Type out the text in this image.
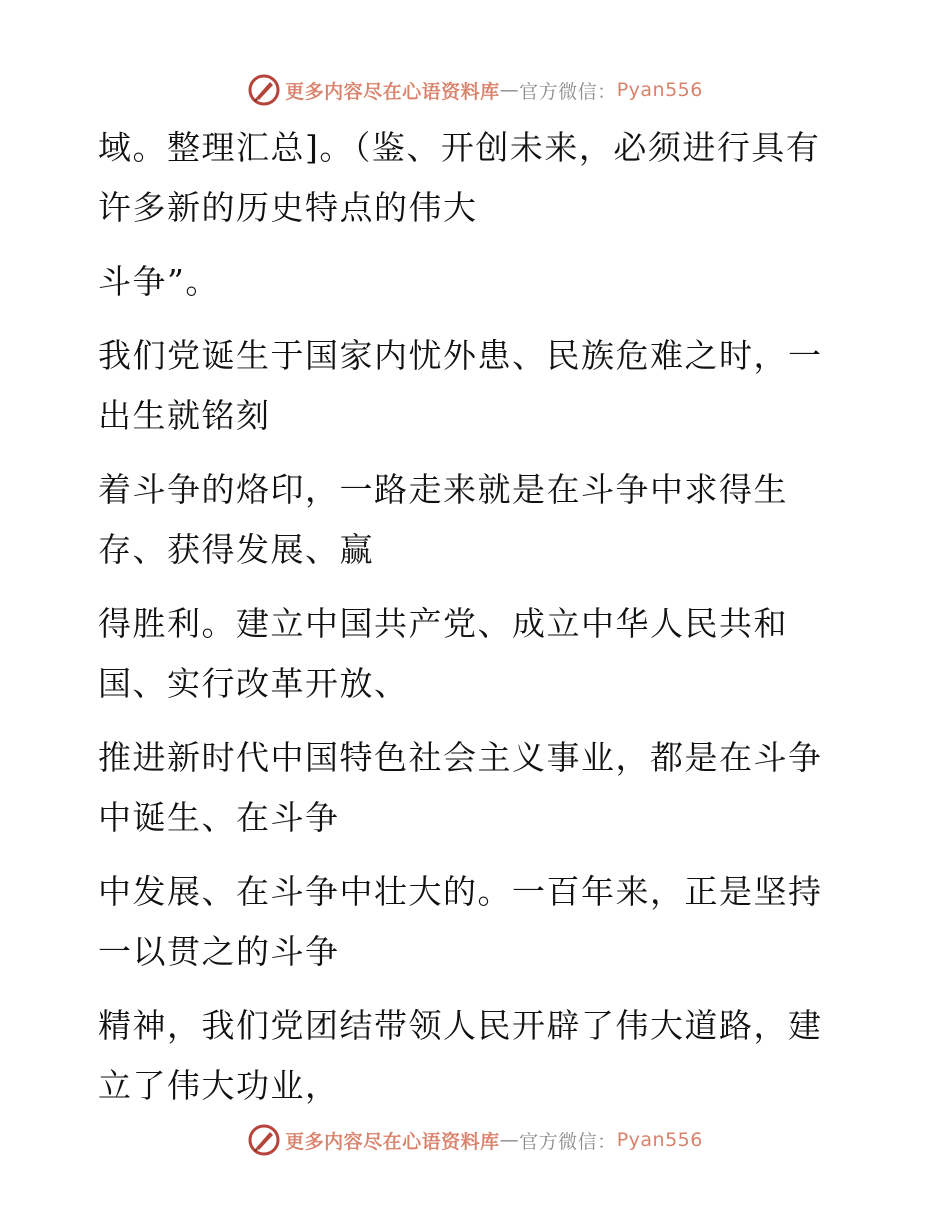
更多内容尽在心语资料库 — 官方微信： Pyan556

域。整理汇总]。（鉴、开创未来，必须进行具有
许多新的历史特点的伟大

斗争”。

我们党诞生于国家内忧外患、民族危难之时，一
出生就铭刻

着斗争的烙印，一路走来就是在斗争中求得生
存、获得发展、赢

得胜利。建立中国共产党、成立中华人民共和
国、实行改革开放、

推进新时代中国特色社会主义事业，都是在斗争
中诞生、在斗争

中发展、在斗争中壮大的。一百年来，正是坚持
一以贯之的斗争

精神，我们党团结带领人民开辟了伟大道路，建
立了伟大功业，

更多内容尽在心语资料库 — 官方微信： Pyan556
